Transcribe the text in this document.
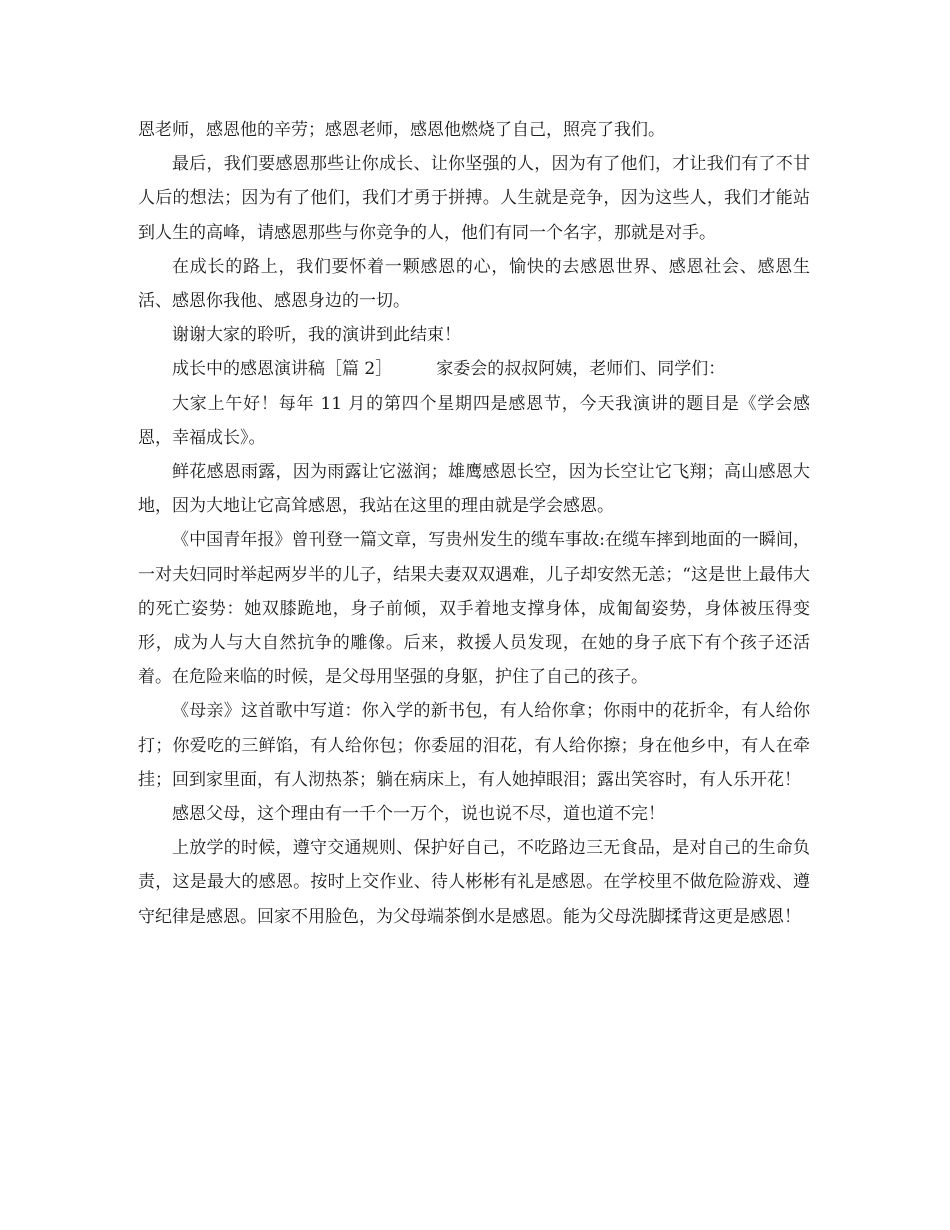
恩老师，感恩他的辛劳；感恩老师，感恩他燃烧了自己，照亮了我们。

最后，我们要感恩那些让你成长、让你坚强的人，因为有了他们，才让我们有了不甘人后的想法；因为有了他们，我们才勇于拼搏。人生就是竞争，因为这些人，我们才能站到人生的高峰，请感恩那些与你竞争的人，他们有同一个名字，那就是对手。

在成长的路上，我们要怀着一颗感恩的心，愉快的去感恩世界、感恩社会、感恩生活、感恩你我他、感恩身边的一切。

谢谢大家的聆听，我的演讲到此结束！

成长中的感恩演讲稿［篇 2］	家委会的叔叔阿姨，老师们、同学们：

大家上午好！每年 11 月的第四个星期四是感恩节，今天我演讲的题目是《学会感恩，幸福成长》。

鲜花感恩雨露，因为雨露让它滋润；雄鹰感恩长空，因为长空让它飞翔；高山感恩大地，因为大地让它高耸感恩，我站在这里的理由就是学会感恩。

《中国青年报》曾刊登一篇文章，写贵州发生的缆车事故:在缆车摔到地面的一瞬间，一对夫妇同时举起两岁半的儿子，结果夫妻双双遇难，儿子却安然无恙；“这是世上最伟大的死亡姿势：她双膝跪地，身子前倾，双手着地支撑身体，成匍匐姿势，身体被压得变形，成为人与大自然抗争的雕像。后来，救援人员发现，在她的身子底下有个孩子还活着。在危险来临的时候，是父母用坚强的身躯，护住了自己的孩子。

《母亲》这首歌中写道：你入学的新书包，有人给你拿；你雨中的花折伞，有人给你打；你爱吃的三鲜馅，有人给你包；你委屈的泪花，有人给你擦；身在他乡中，有人在牵挂；回到家里面，有人沏热茶；躺在病床上，有人她掉眼泪；露出笑容时，有人乐开花！

感恩父母，这个理由有一千个一万个，说也说不尽，道也道不完！

上放学的时候，遵守交通规则、保护好自己，不吃路边三无食品，是对自己的生命负责，这是最大的感恩。按时上交作业、待人彬彬有礼是感恩。在学校里不做危险游戏、遵守纪律是感恩。回家不用脸色，为父母端茶倒水是感恩。能为父母洗脚揉背这更是感恩！
